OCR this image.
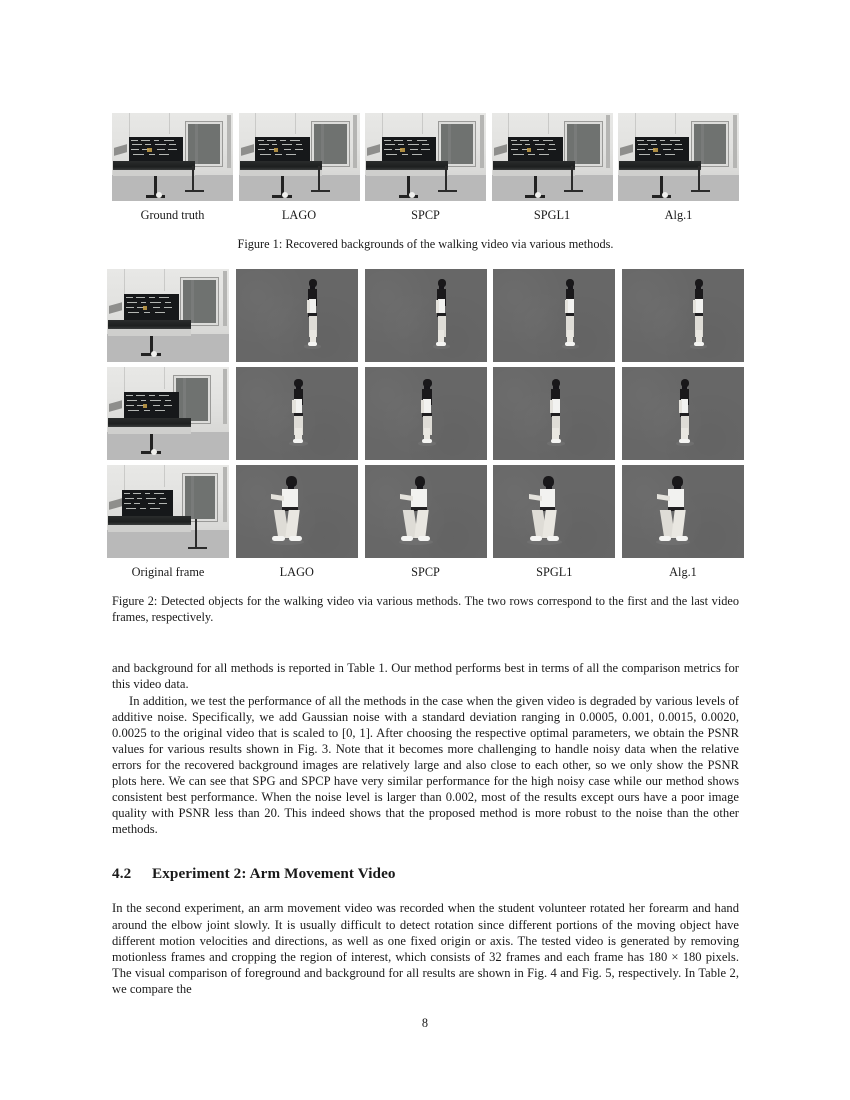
Ground truth	LAGO	SPCP	SPGL1	Alg.1
Figure 1: Recovered backgrounds of the walking video via various methods.
Original frame	LAGO	SPCP	SPGL1	Alg.1
Figure 2: Detected objects for the walking video via various methods. The two rows correspond to the first and the last video frames, respectively.

and background for all methods is reported in Table 1. Our method performs best in terms of all the comparison metrics for this video data.

In addition, we test the performance of all the methods in the case when the given video is degraded by various levels of additive noise. Specifically, we add Gaussian noise with a standard deviation ranging in 0.0005, 0.001, 0.0015, 0.0020, 0.0025 to the original video that is scaled to [0, 1]. After choosing the respective optimal parameters, we obtain the PSNR values for various results shown in Fig. 3. Note that it becomes more challenging to handle noisy data when the relative errors for the recovered background images are relatively large and also close to each other, so we only show the PSNR plots here. We can see that SPG and SPCP have very similar performance for the high noisy case while our method shows consistent best performance. When the noise level is larger than 0.002, most of the results except ours have a poor image quality with PSNR less than 20. This indeed shows that the proposed method is more robust to the noise than the other methods.

4.2 Experiment 2: Arm Movement Video

In the second experiment, an arm movement video was recorded when the student volunteer rotated her forearm and hand around the elbow joint slowly. It is usually difficult to detect rotation since different portions of the moving object have different motion velocities and directions, as well as one fixed origin or axis. The tested video is generated by removing motionless frames and cropping the region of interest, which consists of 32 frames and each frame has 180 × 180 pixels. The visual comparison of foreground and background for all results are shown in Fig. 4 and Fig. 5, respectively. In Table 2, we compare the

8
